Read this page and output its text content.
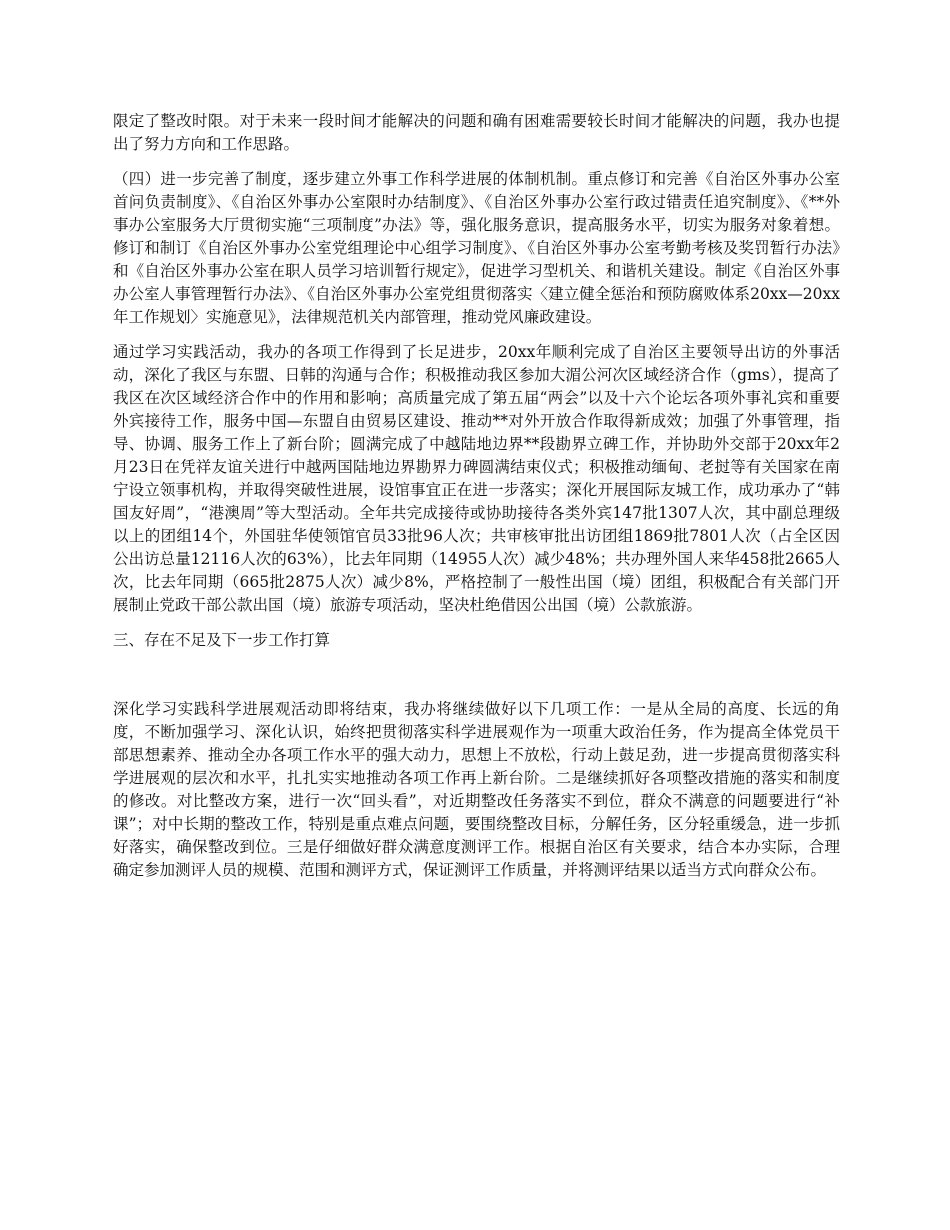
限定了整改时限。对于未来一段时间才能解决的问题和确有困难需要较长时间才能解决的问题，我办也提出了努力方向和工作思路。

（四）进一步完善了制度，逐步建立外事工作科学进展的体制机制。重点修订和完善《自治区外事办公室首问负责制度》、《自治区外事办公室限时办结制度》、《自治区外事办公室行政过错责任追究制度》、《**外事办公室服务大厅贯彻实施“三项制度”办法》等，强化服务意识，提高服务水平，切实为服务对象着想。修订和制订《自治区外事办公室党组理论中心组学习制度》、《自治区外事办公室考勤考核及奖罚暂行办法》和《自治区外事办公室在职人员学习培训暂行规定》，促进学习型机关、和谐机关建设。制定《自治区外事办公室人事管理暂行办法》、《自治区外事办公室党组贯彻落实〈建立健全惩治和预防腐败体系20xx—20xx年工作规划〉实施意见》，法律规范机关内部管理，推动党风廉政建设。

通过学习实践活动，我办的各项工作得到了长足进步，20xx年顺利完成了自治区主要领导出访的外事活动，深化了我区与东盟、日韩的沟通与合作；积极推动我区参加大湄公河次区域经济合作（gms），提高了我区在次区域经济合作中的作用和影响；高质量完成了第五届“两会”以及十六个论坛各项外事礼宾和重要外宾接待工作，服务中国—东盟自由贸易区建设、推动**对外开放合作取得新成效；加强了外事管理，指导、协调、服务工作上了新台阶；圆满完成了中越陆地边界**段勘界立碑工作，并协助外交部于20xx年2月23日在凭祥友谊关进行中越两国陆地边界勘界力碑圆满结束仪式；积极推动缅甸、老挝等有关国家在南宁设立领事机构，并取得突破性进展，设馆事宜正在进一步落实；深化开展国际友城工作，成功承办了“韩国友好周”，“港澳周”等大型活动。全年共完成接待或协助接待各类外宾147批1307人次，其中副总理级以上的团组14个，外国驻华使领馆官员33批96人次；共审核审批出访团组1869批7801人次（占全区因公出访总量12116人次的63%），比去年同期（14955人次）减少48%；共办理外国人来华458批2665人次，比去年同期（665批2875人次）减少8%，严格控制了一般性出国（境）团组，积极配合有关部门开展制止党政干部公款出国（境）旅游专项活动，坚决杜绝借因公出国（境）公款旅游。

三、存在不足及下一步工作打算

深化学习实践科学进展观活动即将结束，我办将继续做好以下几项工作：一是从全局的高度、长远的角度，不断加强学习、深化认识，始终把贯彻落实科学进展观作为一项重大政治任务，作为提高全体党员干部思想素养、推动全办各项工作水平的强大动力，思想上不放松，行动上鼓足劲，进一步提高贯彻落实科学进展观的层次和水平，扎扎实实地推动各项工作再上新台阶。二是继续抓好各项整改措施的落实和制度的修改。对比整改方案，进行一次“回头看”，对近期整改任务落实不到位，群众不满意的问题要进行“补课”；对中长期的整改工作，特别是重点难点问题，要围绕整改目标，分解任务，区分轻重缓急，进一步抓好落实，确保整改到位。三是仔细做好群众满意度测评工作。根据自治区有关要求，结合本办实际，合理确定参加测评人员的规模、范围和测评方式，保证测评工作质量，并将测评结果以适当方式向群众公布。
